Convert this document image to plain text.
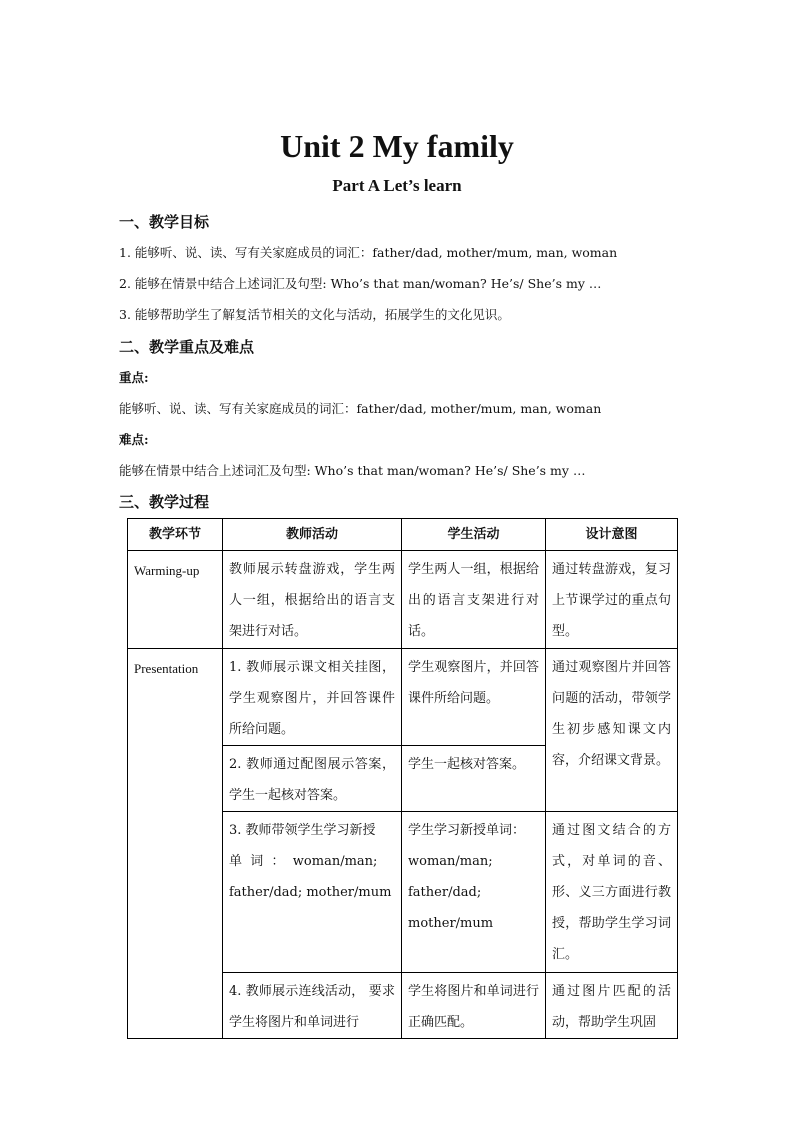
Unit 2 My family
Part A Let’s learn
一、教学目标
1. 能够听、说、读、写有关家庭成员的词汇：father/dad, mother/mum, man, woman
2. 能够在情景中结合上述词汇及句型: Who’s that man/woman? He’s/ She’s my …
3. 能够帮助学生了解复活节相关的文化与活动，拓展学生的文化见识。
二、教学重点及难点
重点:
能够听、说、读、写有关家庭成员的词汇：father/dad, mother/mum, man, woman
难点:
能够在情景中结合上述词汇及句型: Who’s that man/woman? He’s/ She’s my …
三、教学过程
教学环节	教师活动	学生活动	设计意图
Warming-up	教师展示转盘游戏，学生两人一组，根据给出的语言支架进行对话。	学生两人一组，根据给出的语言支架进行对话。	通过转盘游戏，复习上节课学过的重点句型。
Presentation	1. 教师展示课文相关挂图，学生观察图片，并回答课件所给问题。	学生观察图片，并回答课件所给问题。	通过观察图片并回答问题的活动，带领学生初步感知课文内容，介绍课文背景。
	2. 教师通过配图展示答案，学生一起核对答案。	学生一起核对答案。	

	3. 教师带领学生学习新授
单  词  ：  woman/man;
father/dad; mother/mum	学生学习新授单词：
woman/man;
father/dad;
mother/mum	通过图文结合的方式，对单词的音、形、义三方面进行教授，帮助学生学习词汇。
	4. 教师展示连线活动， 要求学生将图片和单词进行	学生将图片和单词进行正确匹配。	通过图片匹配的活动，帮助学生巩固
